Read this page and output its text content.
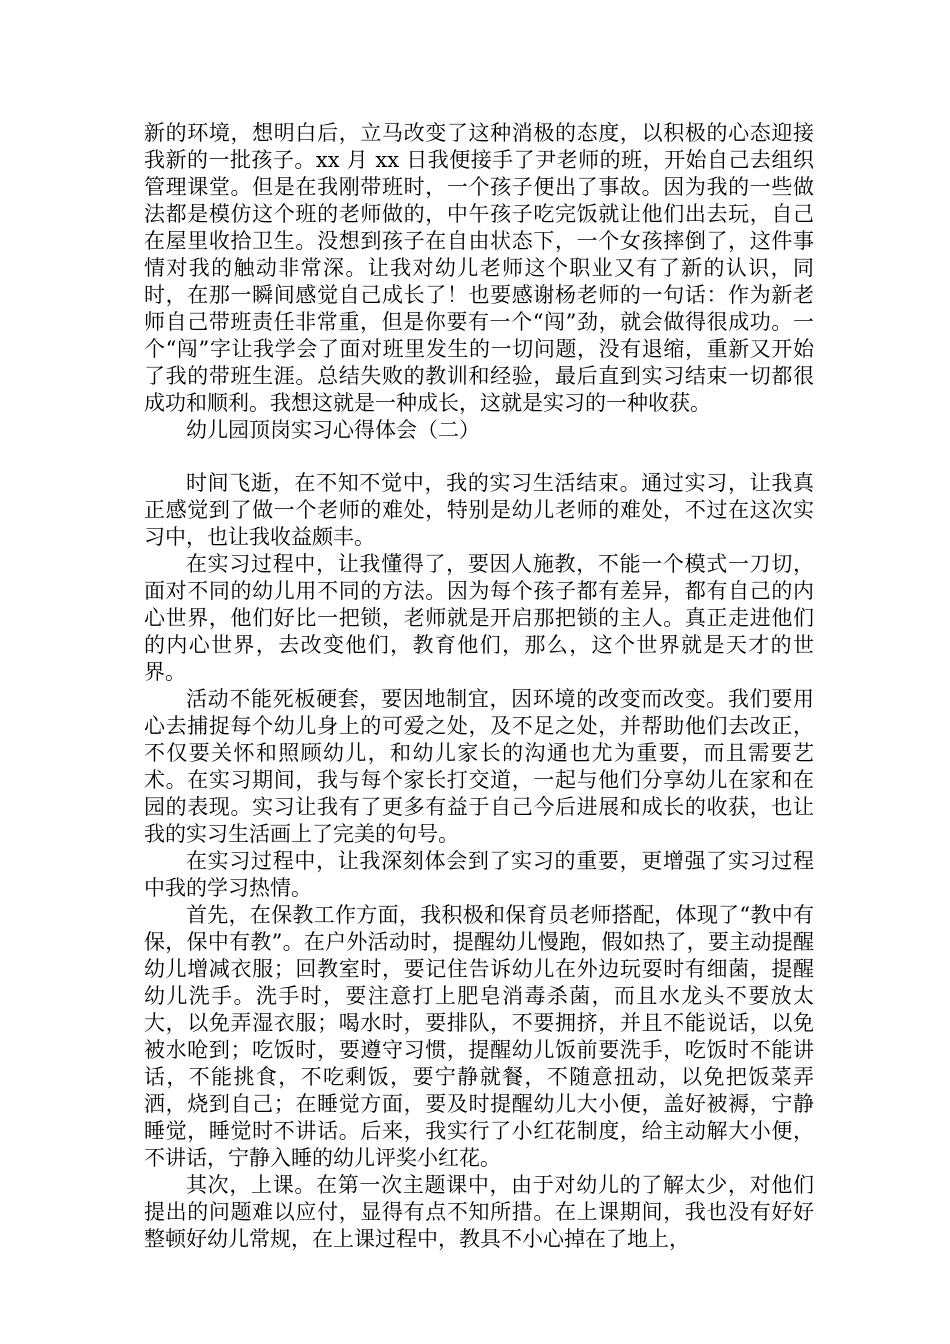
新的环境，想明白后，立马改变了这种消极的态度，以积极的心态迎接我新的一批孩子。xx 月 xx 日我便接手了尹老师的班，开始自己去组织管理课堂。但是在我刚带班时，一个孩子便出了事故。因为我的一些做法都是模仿这个班的老师做的，中午孩子吃完饭就让他们出去玩，自己在屋里收拾卫生。没想到孩子在自由状态下，一个女孩摔倒了，这件事情对我的触动非常深。让我对幼儿老师这个职业又有了新的认识，同时，在那一瞬间感觉自己成长了！也要感谢杨老师的一句话：作为新老师自己带班责任非常重，但是你要有一个“闯”劲，就会做得很成功。一个“闯”字让我学会了面对班里发生的一切问题，没有退缩，重新又开始了我的带班生涯。总结失败的教训和经验，最后直到实习结束一切都很成功和顺利。我想这就是一种成长，这就是实习的一种收获。

幼儿园顶岗实习心得体会（二）

时间飞逝，在不知不觉中，我的实习生活结束。通过实习，让我真正感觉到了做一个老师的难处，特别是幼儿老师的难处，不过在这次实习中，也让我收益颇丰。

在实习过程中，让我懂得了，要因人施教，不能一个模式一刀切，面对不同的幼儿用不同的方法。因为每个孩子都有差异，都有自己的内心世界，他们好比一把锁，老师就是开启那把锁的主人。真正走进他们的内心世界，去改变他们，教育他们，那么，这个世界就是天才的世界。

活动不能死板硬套，要因地制宜，因环境的改变而改变。我们要用心去捕捉每个幼儿身上的可爱之处，及不足之处，并帮助他们去改正，不仅要关怀和照顾幼儿，和幼儿家长的沟通也尤为重要，而且需要艺术。在实习期间，我与每个家长打交道，一起与他们分享幼儿在家和在园的表现。实习让我有了更多有益于自己今后进展和成长的收获，也让我的实习生活画上了完美的句号。

在实习过程中，让我深刻体会到了实习的重要，更增强了实习过程中我的学习热情。

首先，在保教工作方面，我积极和保育员老师搭配，体现了“教中有保，保中有教”。在户外活动时，提醒幼儿慢跑，假如热了，要主动提醒幼儿增减衣服；回教室时，要记住告诉幼儿在外边玩耍时有细菌，提醒幼儿洗手。洗手时，要注意打上肥皂消毒杀菌，而且水龙头不要放太大，以免弄湿衣服；喝水时，要排队，不要拥挤，并且不能说话，以免被水呛到；吃饭时，要遵守习惯，提醒幼儿饭前要洗手，吃饭时不能讲话，不能挑食，不吃剩饭，要宁静就餐，不随意扭动，以免把饭菜弄洒，烧到自己；在睡觉方面，要及时提醒幼儿大小便，盖好被褥，宁静睡觉，睡觉时不讲话。后来，我实行了小红花制度，给主动解大小便，不讲话，宁静入睡的幼儿评奖小红花。

其次，上课。在第一次主题课中，由于对幼儿的了解太少，对他们提出的问题难以应付，显得有点不知所措。在上课期间，我也没有好好整顿好幼儿常规，在上课过程中，教具不小心掉在了地上，
